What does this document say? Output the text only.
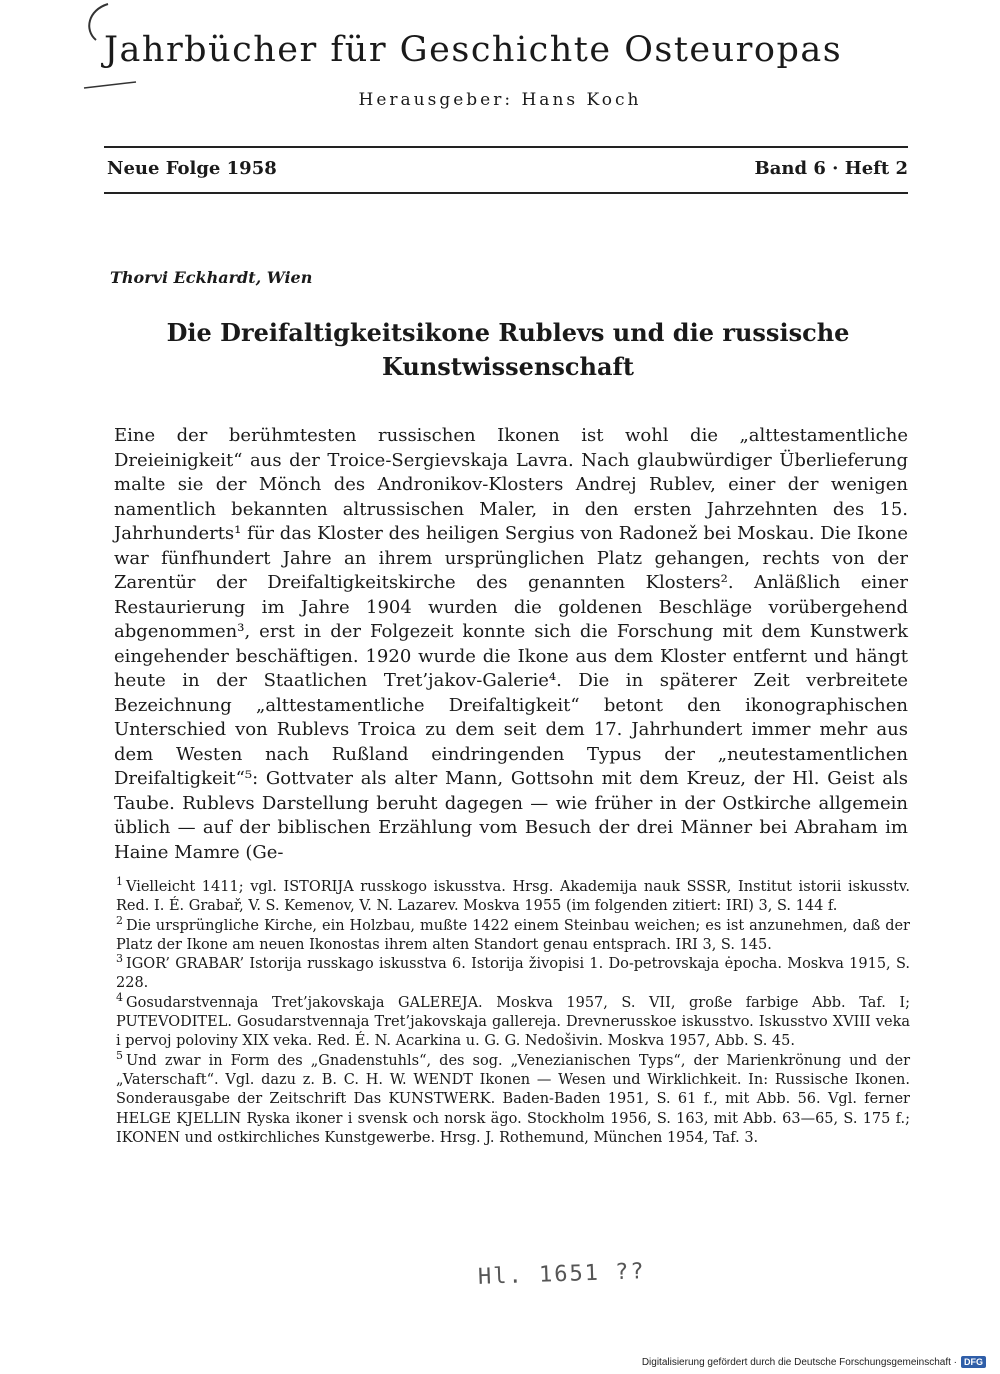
Jahrbücher für Geschichte Osteuropas
Herausgeber: Hans Koch
Neue Folge 1958	Band 6 · Heft 2
Thorvi Eckhardt, Wien
Die Dreifaltigkeitsikone Rublevs und die russische
Kunstwissenschaft

Eine der berühmtesten russischen Ikonen ist wohl die „alttestamentliche Dreieinigkeit“ aus der Troice-Sergievskaja Lavra. Nach glaubwürdiger Überlieferung malte sie der Mönch des Andronikov-Klosters Andrej Rublev, einer der wenigen namentlich bekannten altrussischen Maler, in den ersten Jahrzehnten des 15. Jahrhunderts¹ für das Kloster des heiligen Sergius von Radonež bei Moskau. Die Ikone war fünfhundert Jahre an ihrem ursprünglichen Platz gehangen, rechts von der Zarentür der Dreifaltigkeitskirche des genannten Klosters². Anläßlich einer Restaurierung im Jahre 1904 wurden die goldenen Beschläge vorübergehend abgenommen³, erst in der Folgezeit konnte sich die Forschung mit dem Kunstwerk eingehender beschäftigen. 1920 wurde die Ikone aus dem Kloster entfernt und hängt heute in der Staatlichen Tret’jakov-Galerie⁴. Die in späterer Zeit verbreitete Bezeichnung „alttestamentliche Dreifaltigkeit“ betont den ikonographischen Unterschied von Rublevs Troica zu dem seit dem 17. Jahrhundert immer mehr aus dem Westen nach Rußland eindringenden Typus der „neutestamentlichen Dreifaltigkeit“⁵: Gottvater als alter Mann, Gottsohn mit dem Kreuz, der Hl. Geist als Taube. Rublevs Darstellung beruht dagegen — wie früher in der Ostkirche allgemein üblich — auf der biblischen Erzählung vom Besuch der drei Männer bei Abraham im Haine Mamre (Ge-

$^1$ Vielleicht 1411; vgl. ISTORIJA russkogo iskusstva. Hrsg. Akademija nauk SSSR, Institut istorii iskusstv. Red. I. É. Grabař, V. S. Kemenov, V. N. Lazarev. Moskva 1955 (im folgenden zitiert: IRI) 3, S. 144 f.

$^2$ Die ursprüngliche Kirche, ein Holzbau, mußte 1422 einem Steinbau weichen; es ist anzunehmen, daß der Platz der Ikone am neuen Ikonostas ihrem alten Standort genau entsprach. IRI 3, S. 145.

$^3$ IGOR’ GRABAR’ Istorija russkago iskusstva 6. Istorija živopisi 1. Do-petrovskaja ėpocha. Moskva 1915, S. 228.

$^4$ Gosudarstvennaja Tret’jakovskaja GALEREJA. Moskva 1957, S. VII, große farbige Abb. Taf. I; PUTEVODITEL. Gosudarstvennaja Tret’jakovskaja gallereja. Drevnerusskoe iskusstvo. Iskusstvo XVIII veka i pervoj poloviny XIX veka. Red. É. N. Acarkina u. G. G. Nedošivin. Moskva 1957, Abb. S. 45.

$^5$ Und zwar in Form des „Gnadenstuhls“, des sog. „Venezianischen Typs“, der Marienkrönung und der „Vaterschaft“. Vgl. dazu z. B. C. H. W. WENDT Ikonen — Wesen und Wirklichkeit. In: Russische Ikonen. Sonderausgabe der Zeitschrift Das KUNSTWERK. Baden-Baden 1951, S. 61 f., mit Abb. 56. Vgl. ferner HELGE KJELLIN Ryska ikoner i svensk och norsk ägo. Stockholm 1956, S. 163, mit Abb. 63—65, S. 175 f.; IKONEN und ostkirchliches Kunstgewerbe. Hrsg. J. Rothemund, München 1954, Taf. 3.

Hl. 1651 ??
Digitalisierung gefördert durch die Deutsche Forschungsgemeinschaft · DFG
